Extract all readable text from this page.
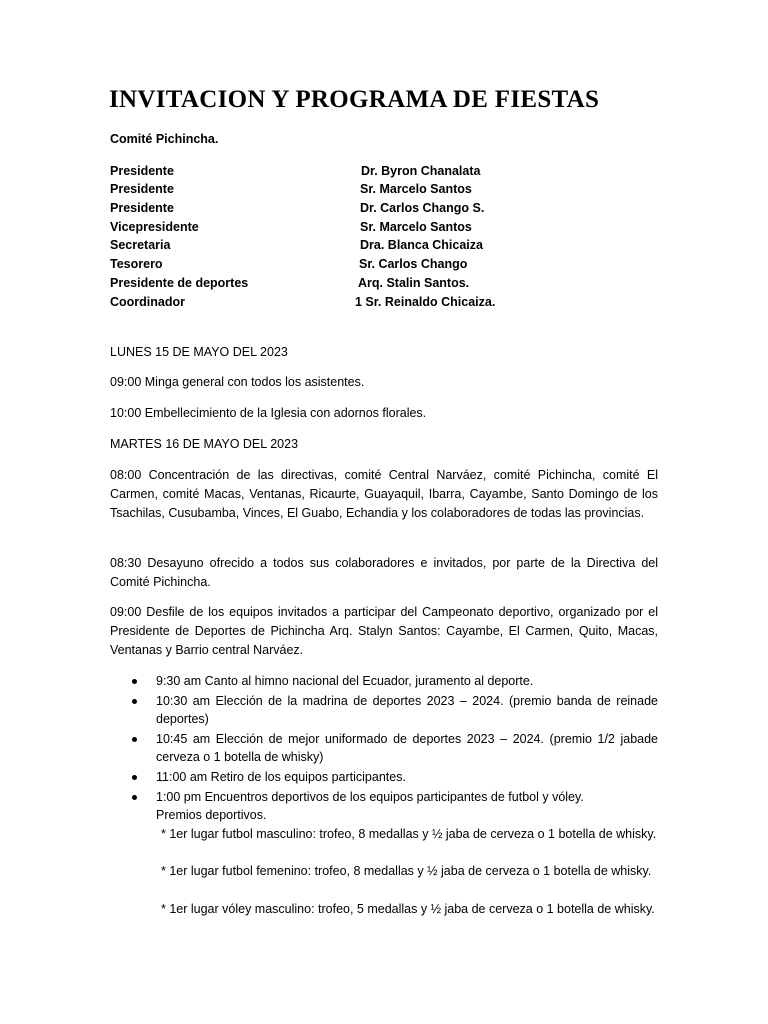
INVITACION Y PROGRAMA DE FIESTAS
Comité Pichincha.
Presidente	Dr. Byron Chanalata
Presidente	Sr. Marcelo Santos
Presidente	Dr. Carlos Chango S.
Vicepresidente	Sr. Marcelo Santos
Secretaria	Dra. Blanca Chicaiza
Tesorero	Sr. Carlos Chango
Presidente de deportes	Arq. Stalin Santos.
Coordinador	1 Sr. Reinaldo Chicaiza.
LUNES 15 DE MAYO DEL 2023
09:00 Minga general con todos los asistentes.
10:00 Embellecimiento de la Iglesia con adornos florales.
MARTES 16 DE MAYO DEL 2023

08:00 Concentración de las directivas, comité Central Narváez, comité Pichincha, comité El Carmen, comité Macas, Ventanas, Ricaurte, Guayaquil, Ibarra, Cayambe, Santo Domingo de los Tsachilas, Cusubamba, Vinces, El Guabo, Echandia y los colaboradores de todas las provincias.

08:30 Desayuno ofrecido a todos sus colaboradores e invitados, por parte de la Directiva del Comité Pichincha.

09:00 Desfile de los equipos invitados a participar del Campeonato deportivo, organizado por el Presidente de Deportes de Pichincha Arq. Stalyn Santos: Cayambe, El Carmen, Quito, Macas, Ventanas y Barrio central Narváez.

9:30 am Canto al himno nacional del Ecuador, juramento al deporte.

10:30 am Elección de la madrina de deportes 2023 – 2024. (premio banda de reinade deportes)

10:45 am Elección de mejor uniformado de deportes 2023 – 2024. (premio 1/2 jabade cerveza o 1 botella de whisky)

11:00 am Retiro de los equipos participantes.

1:00 pm Encuentros deportivos de los equipos participantes de futbol y vóley.

Premios deportivos.

* 1er lugar futbol masculino: trofeo, 8 medallas y ½ jaba de cerveza o 1 botella de whisky.

* 1er lugar futbol femenino: trofeo, 8 medallas y ½ jaba de cerveza o 1 botella de whisky.

* 1er lugar vóley masculino: trofeo, 5 medallas y ½ jaba de cerveza o 1 botella de whisky.
